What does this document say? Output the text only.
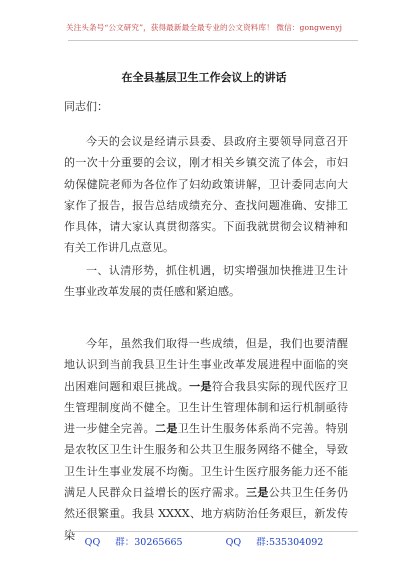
关注头条号“公文研究”，获得最新最全最专业的公文资料库！ 微信：gongwenyj
在全县基层卫生工作会议上的讲话
同志们：
今天的会议是经请示县委、县政府主要领导同意召开的一次十分重要的会议，刚才相关乡镇交流了体会，市妇幼保健院老师为各位作了妇幼政策讲解，卫计委同志向大家作了报告，报告总结成绩充分、查找问题准确、安排工作具体，请大家认真贯彻落实。下面我就贯彻会议精神和有关工作讲几点意见。
一、认清形势，抓住机遇，切实增强加快推进卫生计生事业改革发展的责任感和紧迫感。
今年，虽然我们取得一些成绩，但是，我们也要清醒地认识到当前我县卫生计生事业改革发展进程中面临的突出困难问题和艰巨挑战。一是符合我县实际的现代医疗卫生管理制度尚不健全。卫生计生管理体制和运行机制亟待进一步健全完善。二是卫生计生服务体系尚不完善。特别是农牧区卫生计生服务和公共卫生服务网络不健全，导致卫生计生事业发展不均衡。卫生计生医疗服务能力还不能满足人民群众日益增长的医疗需求。三是公共卫生任务仍然还很繁重。我县 XXXX、地方病防治任务艰巨，新发传染
QQ 群：30265665	QQ 群:535304092
